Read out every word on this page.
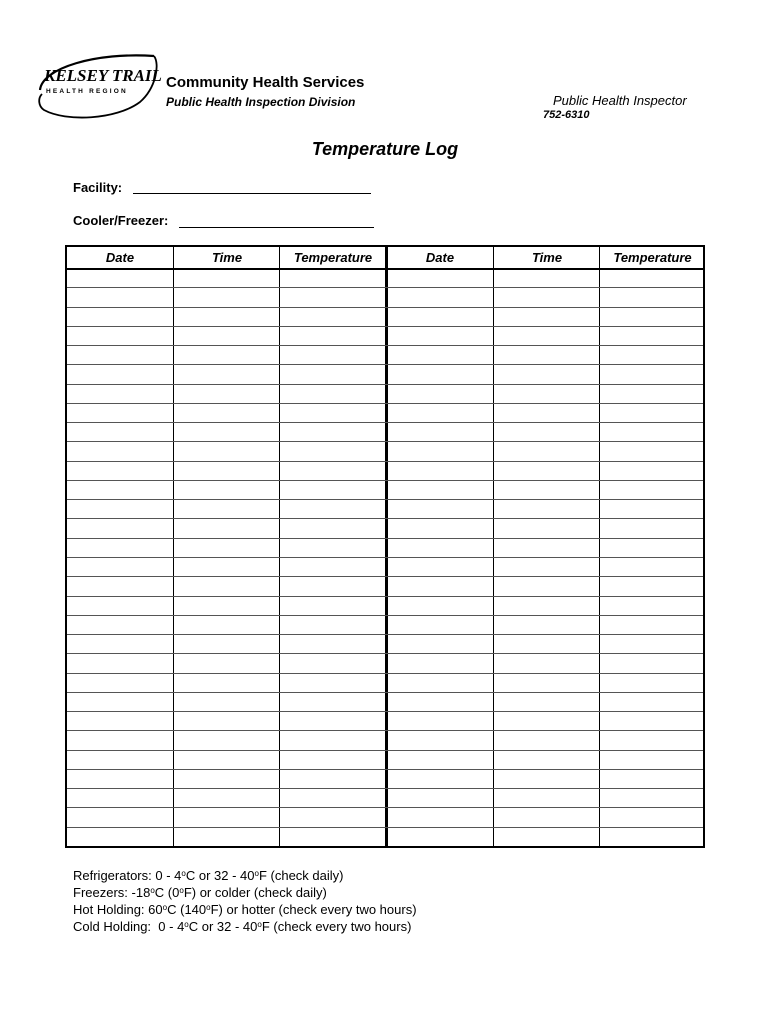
KELSEY TRAIL
HEALTH REGION
Community Health Services
Public Health Inspection Division	Public Health Inspector
752-6310
Temperature Log
Facility:
Cooler/Freezer:
Date	Time	Temperature	Date	Time	Temperature
Refrigerators: 0 - 4$^o$C or 32 - 40$^o$F (check daily)
Freezers: -18$^o$C (0$^o$F) or colder (check daily)
Hot Holding: 60$^o$C (140$^o$F) or hotter (check every two hours)
Cold Holding: 0 - 4$^o$C or 32 - 40$^o$F (check every two hours)
